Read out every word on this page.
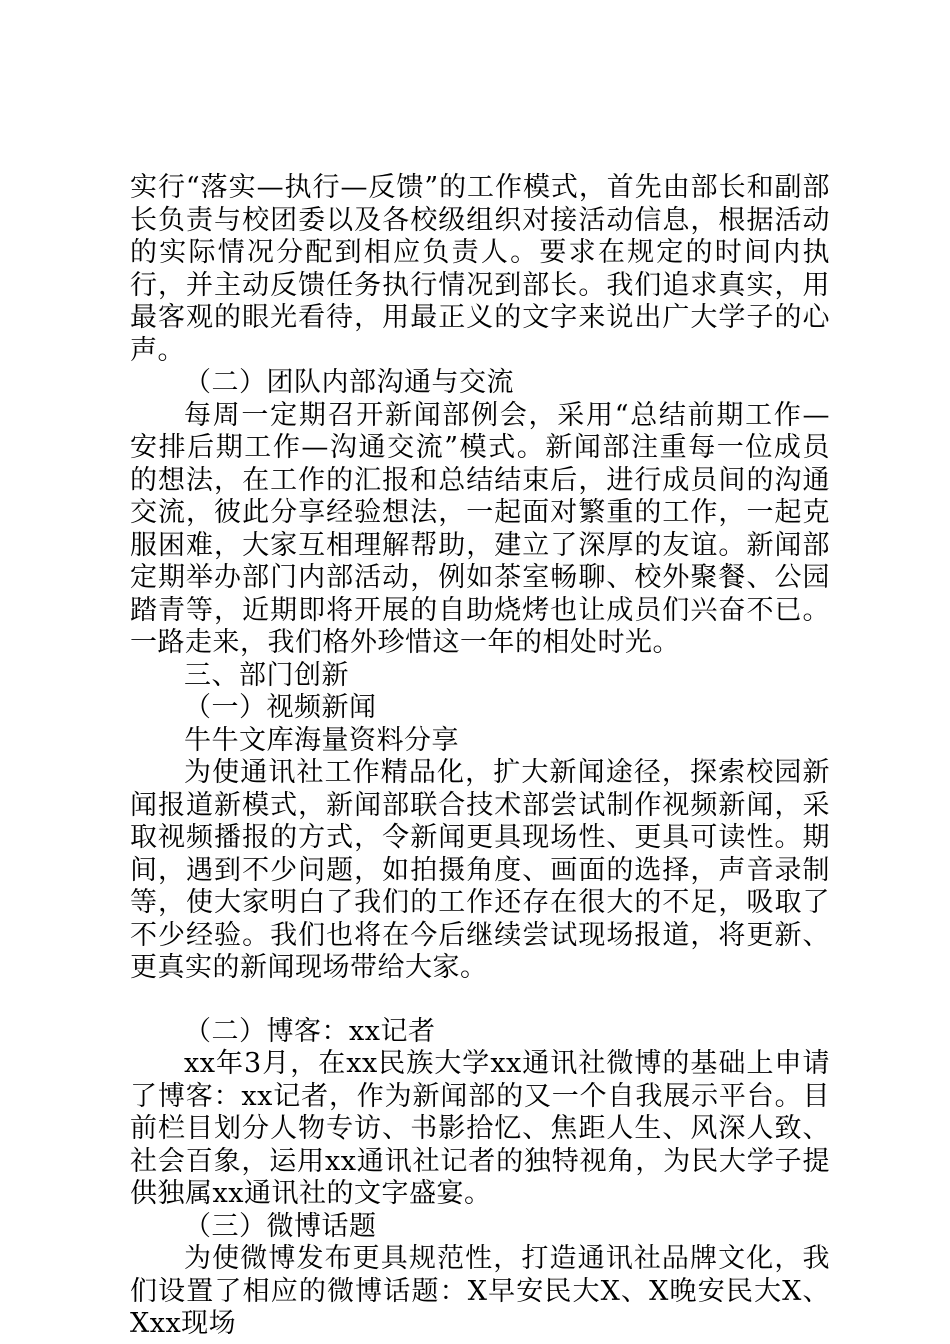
实行“落实—执行—反馈”的工作模式，首先由部长和副部长负责与校团委以及各校级组织对接活动信息，根据活动的实际情况分配到相应负责人。要求在规定的时间内执行，并主动反馈任务执行情况到部长。我们追求真实，用最客观的眼光看待，用最正义的文字来说出广大学子的心声。

（二）团队内部沟通与交流

每周一定期召开新闻部例会，采用“总结前期工作—安排后期工作—沟通交流”模式。新闻部注重每一位成员的想法，在工作的汇报和总结结束后，进行成员间的沟通交流，彼此分享经验想法，一起面对繁重的工作，一起克服困难，大家互相理解帮助，建立了深厚的友谊。新闻部定期举办部门内部活动，例如茶室畅聊、校外聚餐、公园踏青等，近期即将开展的自助烧烤也让成员们兴奋不已。一路走来，我们格外珍惜这一年的相处时光。

三、部门创新

（一）视频新闻

牛牛文库海量资料分享

为使通讯社工作精品化，扩大新闻途径，探索校园新闻报道新模式，新闻部联合技术部尝试制作视频新闻，采取视频播报的方式，令新闻更具现场性、更具可读性。期间，遇到不少问题，如拍摄角度、画面的选择，声音录制等，使大家明白了我们的工作还存在很大的不足，吸取了不少经验。我们也将在今后继续尝试现场报道，将更新、更真实的新闻现场带给大家。

（二）博客：xx记者

xx年3月，在xx民族大学xx通讯社微博的基础上申请了博客：xx记者，作为新闻部的又一个自我展示平台。目前栏目划分人物专访、书影拾忆、焦距人生、风深人致、社会百象，运用xx通讯社记者的独特视角，为民大学子提供独属xx通讯社的文字盛宴。

（三）微博话题

为使微博发布更具规范性，打造通讯社品牌文化，我们设置了相应的微博话题：X早安民大X、X晚安民大X、Xxx现场
